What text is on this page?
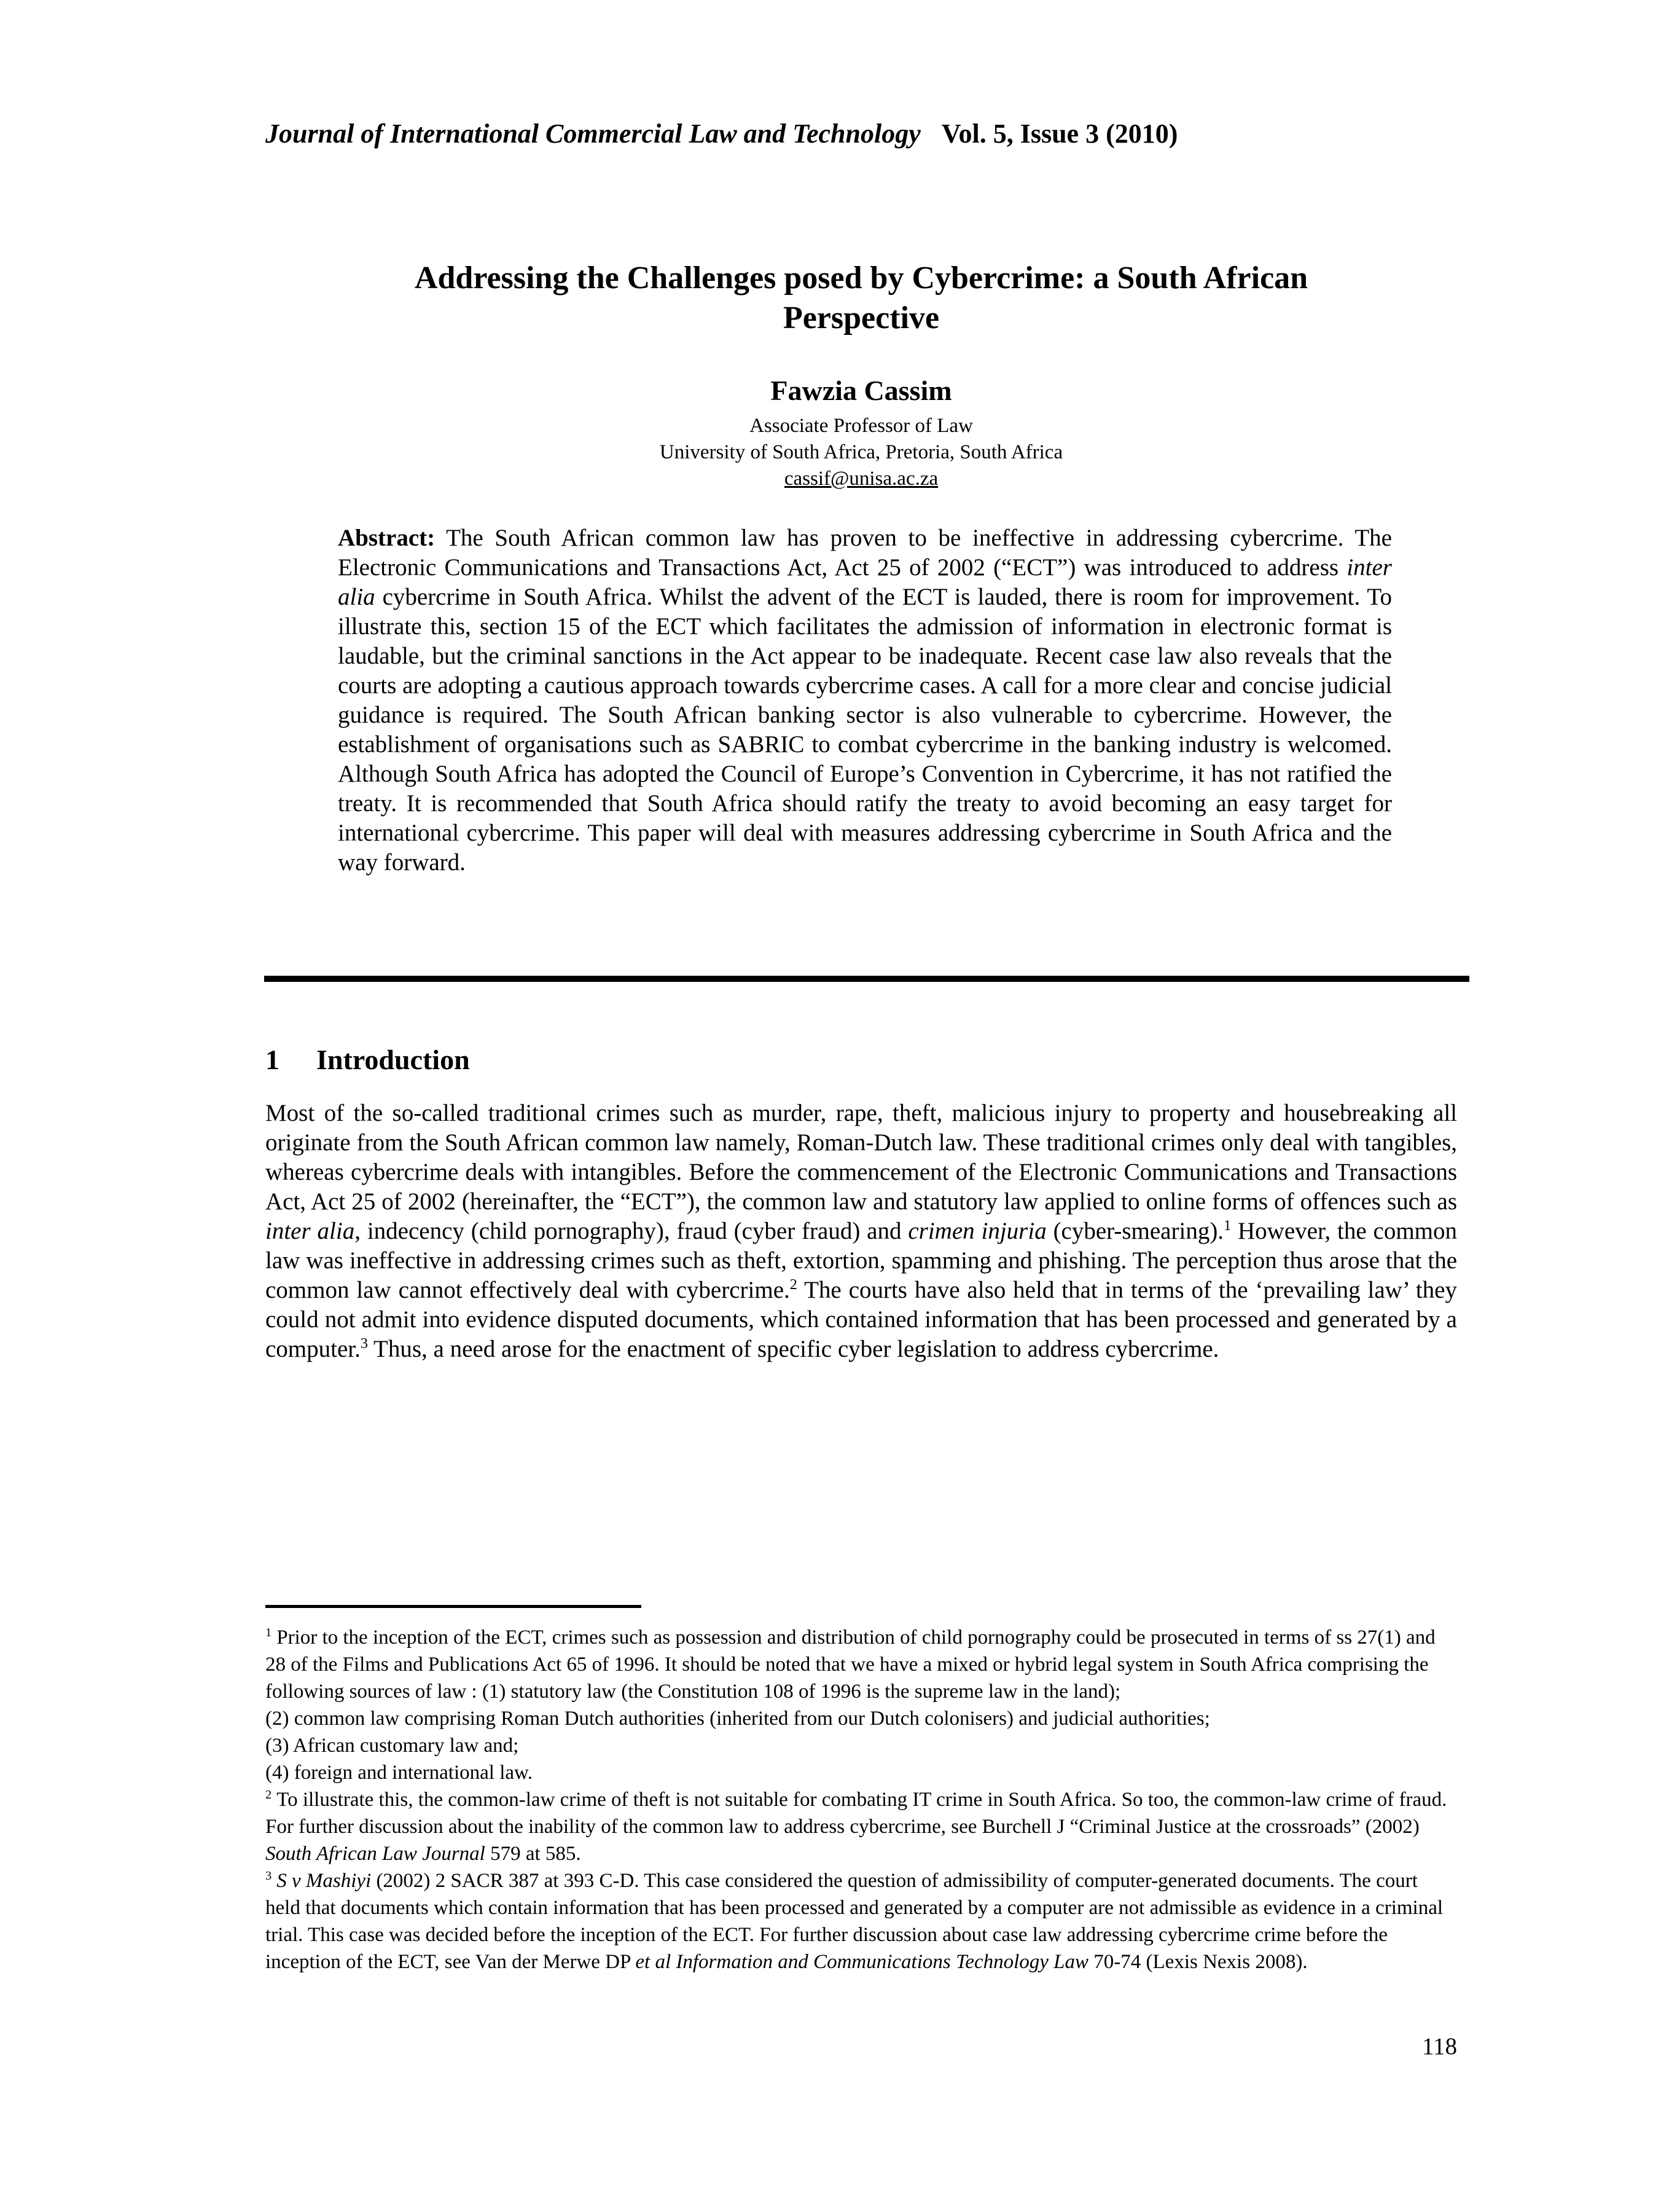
Journal of International Commercial Law and Technology Vol. 5, Issue 3 (2010)
Addressing the Challenges posed by Cybercrime: a South African Perspective
Fawzia Cassim
Associate Professor of Law
University of South Africa, Pretoria, South Africa
cassif@unisa.ac.za

Abstract: The South African common law has proven to be ineffective in addressing cybercrime. The Electronic Communications and Transactions Act, Act 25 of 2002 (“ECT”) was introduced to address inter alia cybercrime in South Africa. Whilst the advent of the ECT is lauded, there is room for improvement. To illustrate this, section 15 of the ECT which facilitates the admission of information in electronic format is laudable, but the criminal sanctions in the Act appear to be inadequate. Recent case law also reveals that the courts are adopting a cautious approach towards cybercrime cases. A call for a more clear and concise judicial guidance is required. The South African banking sector is also vulnerable to cybercrime. However, the establishment of organisations such as SABRIC to combat cybercrime in the banking industry is welcomed. Although South Africa has adopted the Council of Europe’s Convention in Cybercrime, it has not ratified the treaty. It is recommended that South Africa should ratify the treaty to avoid becoming an easy target for international cybercrime. This paper will deal with measures addressing cybercrime in South Africa and the way forward.

1 Introduction

Most of the so-called traditional crimes such as murder, rape, theft, malicious injury to property and housebreaking all originate from the South African common law namely, Roman-Dutch law. These traditional crimes only deal with tangibles, whereas cybercrime deals with intangibles. Before the commencement of the Electronic Communications and Transactions Act, Act 25 of 2002 (hereinafter, the “ECT”), the common law and statutory law applied to online forms of offences such as inter alia, indecency (child pornography), fraud (cyber fraud) and crimen injuria (cyber-smearing).$^1$ However, the common law was ineffective in addressing crimes such as theft, extortion, spamming and phishing. The perception thus arose that the common law cannot effectively deal with cybercrime.$^2$ The courts have also held that in terms of the ‘prevailing law’ they could not admit into evidence disputed documents, which contained information that has been processed and generated by a computer.$^3$ Thus, a need arose for the enactment of specific cyber legislation to address cybercrime.

$^1$ Prior to the inception of the ECT, crimes such as possession and distribution of child pornography could be prosecuted in terms of ss 27(1) and 28 of the Films and Publications Act 65 of 1996. It should be noted that we have a mixed or hybrid legal system in South Africa comprising the following sources of law : (1) statutory law (the Constitution 108 of 1996 is the supreme law in the land);
(2) common law comprising Roman Dutch authorities (inherited from our Dutch colonisers) and judicial authorities;
(3) African customary law and;
(4) foreign and international law.
$^2$ To illustrate this, the common-law crime of theft is not suitable for combating IT crime in South Africa. So too, the common-law crime of fraud. For further discussion about the inability of the common law to address cybercrime, see Burchell J “Criminal Justice at the crossroads” (2002) South African Law Journal 579 at 585.
$^3$ S v Mashiyi (2002) 2 SACR 387 at 393 C-D. This case considered the question of admissibility of computer-generated documents. The court held that documents which contain information that has been processed and generated by a computer are not admissible as evidence in a criminal trial. This case was decided before the inception of the ECT. For further discussion about case law addressing cybercrime crime before the inception of the ECT, see Van der Merwe DP et al Information and Communications Technology Law 70-74 (Lexis Nexis 2008).
118
